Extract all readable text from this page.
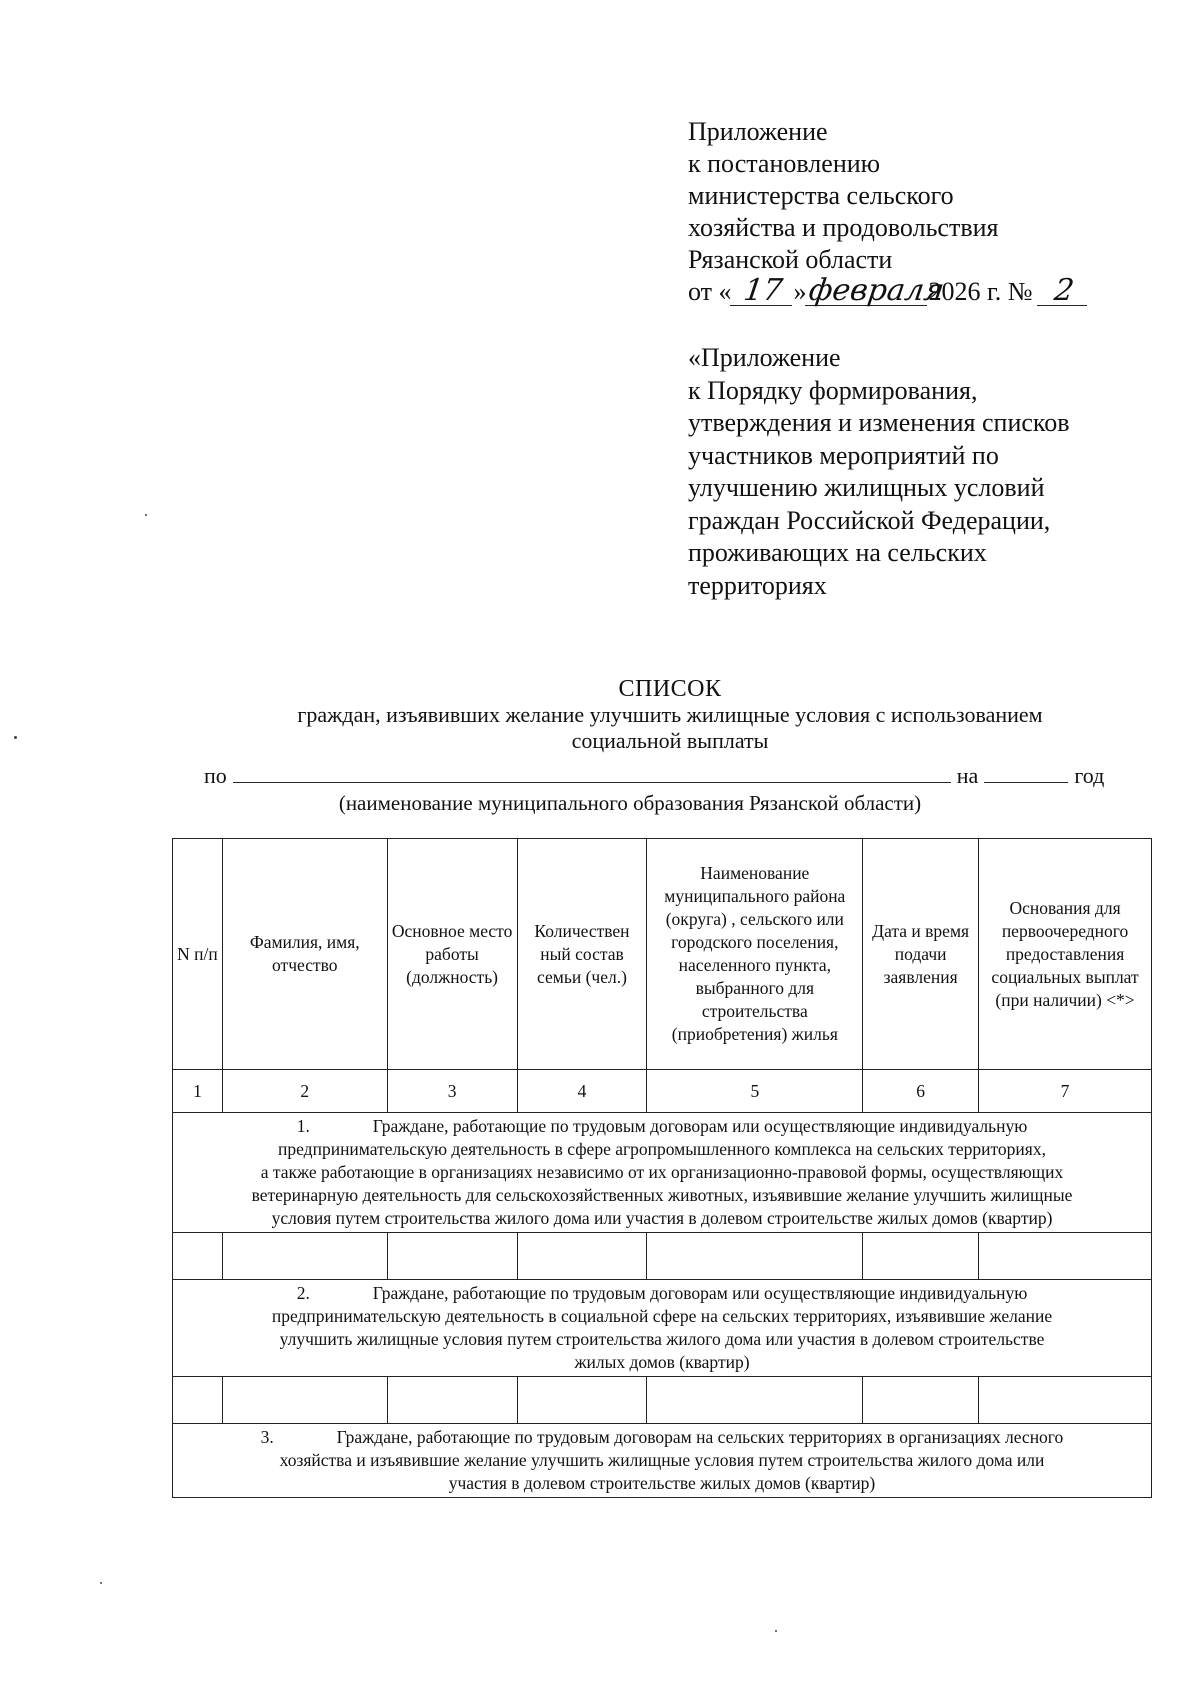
Приложение
к постановлению
министерства сельского
хозяйства и продовольствия
Рязанской области
от « 17 »февраля2026 г. № 2
«Приложение
к Порядку формирования,
утверждения и изменения списков
участников мероприятий по
улучшению жилищных условий
граждан Российской Федерации,
проживающих на сельских
территориях
СПИСОК
граждан, изъявивших желание улучшить жилищные условия с использованием
социальной выплаты
по	на	год
(наименование муниципального образования Рязанской области)
N п/п	Фамилия, имя, отчество	Основное место работы (должность)	Количествен ный состав семьи (чел.)	Наименование муниципального района (округа) , сельского или городского поселения, населенного пункта, выбранного для строительства (приобретения) жилья	Дата и время подачи заявления	Основания для первоочередного предоставления социальных выплат (при наличии) <*>
1	2	3	4	5	6	7

1. Граждане, работающие по трудовым договорам или осуществляющие индивидуальную
предпринимательскую деятельность в сфере агропромышленного комплекса на сельских территориях,
а также работающие в организациях независимо от их организационно-правовой формы, осуществляющих
ветеринарную деятельность для сельскохозяйственных животных, изъявившие желание улучшить жилищные
условия путем строительства жилого дома или участия в долевом строительстве жилых домов (квартир)						

2. Граждане, работающие по трудовым договорам или осуществляющие индивидуальную
предпринимательскую деятельность в социальной сфере на сельских территориях, изъявившие желание
улучшить жилищные условия путем строительства жилого дома или участия в долевом строительстве
жилых домов (квартир)						

3. Граждане, работающие по трудовым договорам на сельских территориях в организациях лесного
хозяйства и изъявившие желание улучшить жилищные условия путем строительства жилого дома или
участия в долевом строительстве жилых домов (квартир)						
